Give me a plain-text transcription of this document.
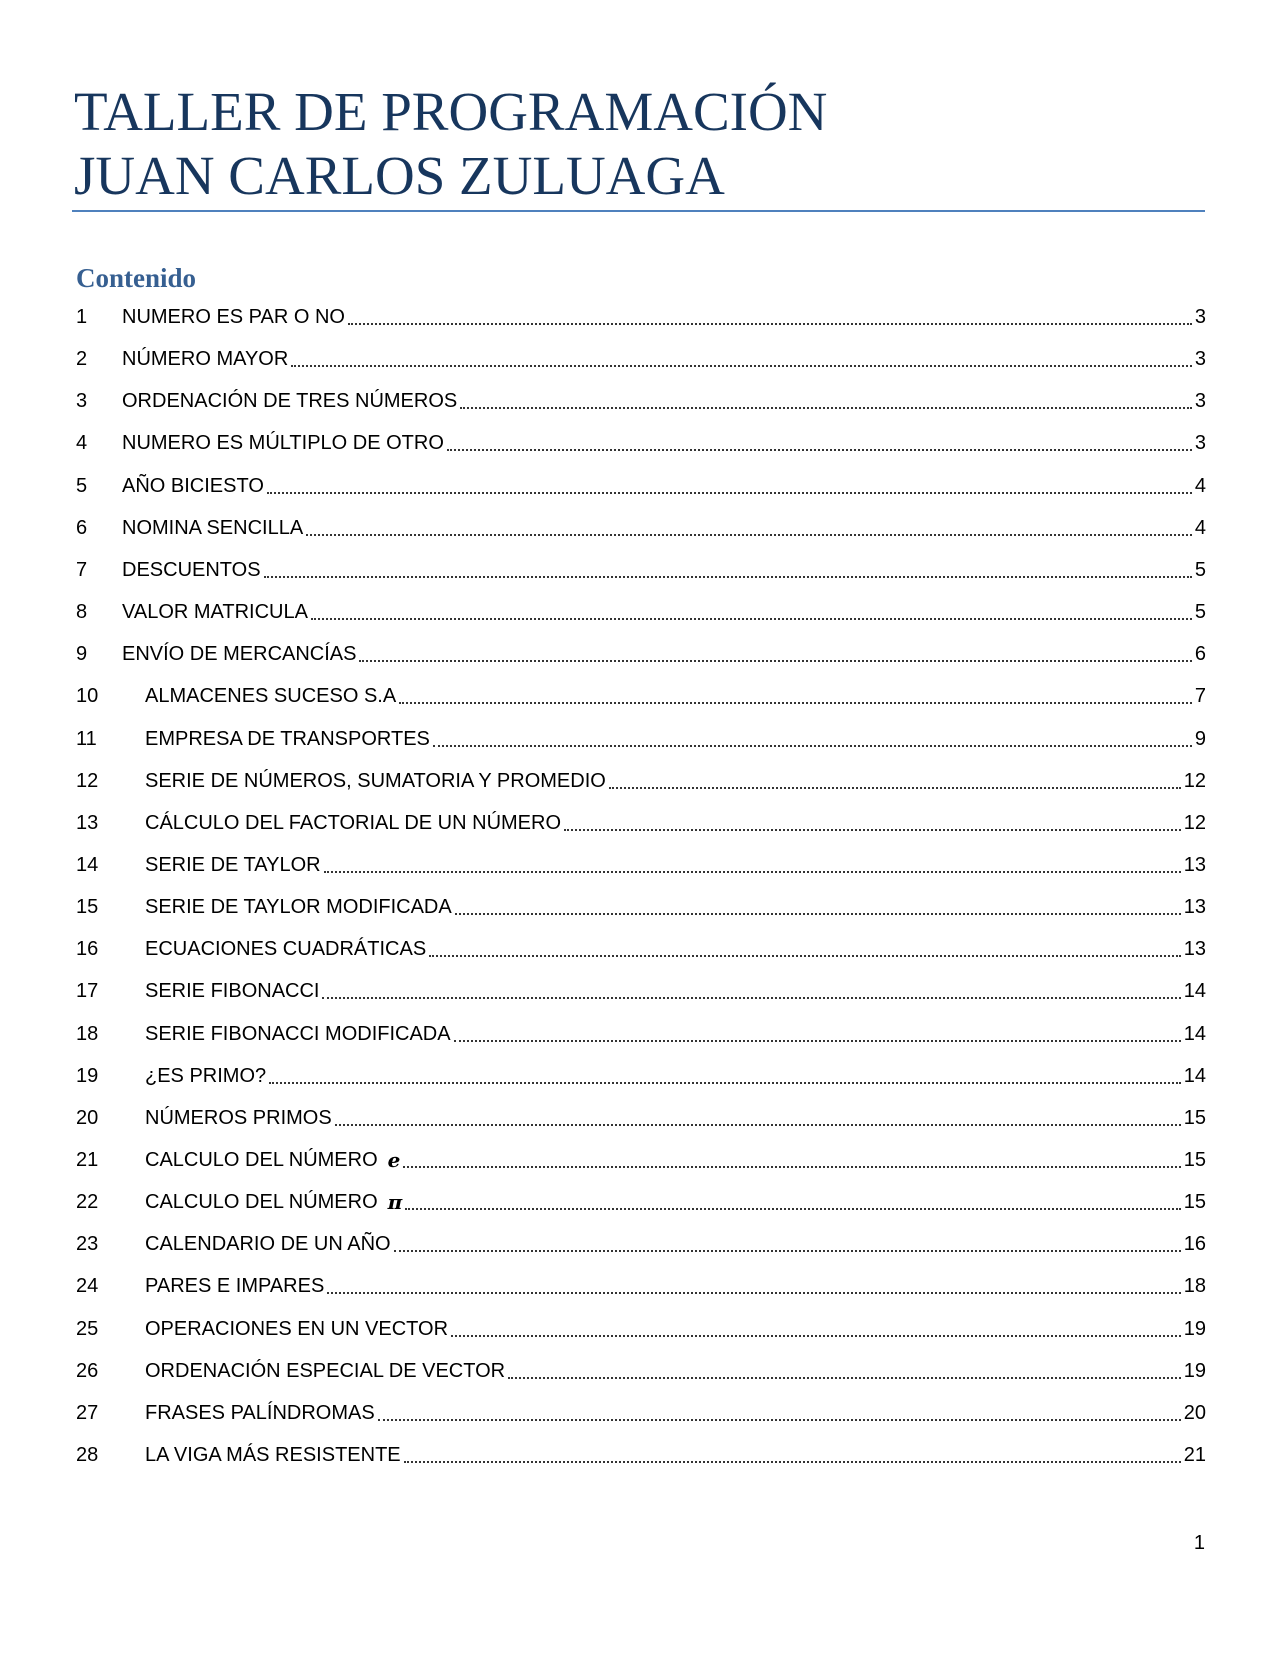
TALLER DE PROGRAMACIÓN
JUAN CARLOS ZULUAGA
Contenido
1	NUMERO ES PAR O NO	3
2	NÚMERO MAYOR	3
3	ORDENACIÓN DE TRES NÚMEROS	3
4	NUMERO ES MÚLTIPLO DE OTRO	3
5	AÑO BICIESTO	4
6	NOMINA SENCILLA	4
7	DESCUENTOS	5
8	VALOR MATRICULA	5
9	ENVÍO DE MERCANCÍAS	6
10	ALMACENES SUCESO S.A	7
11	EMPRESA DE TRANSPORTES	9
12	SERIE DE NÚMEROS, SUMATORIA Y PROMEDIO	12
13	CÁLCULO DEL FACTORIAL DE UN NÚMERO	12
14	SERIE DE TAYLOR	13
15	SERIE DE TAYLOR MODIFICADA	13
16	ECUACIONES CUADRÁTICAS	13
17	SERIE FIBONACCI	14
18	SERIE FIBONACCI MODIFICADA	14
19	¿ES PRIMO?	14
20	NÚMEROS PRIMOS	15
21	CALCULO DEL NÚMERO e	15
22	CALCULO DEL NÚMERO π	15
23	CALENDARIO DE UN AÑO	16
24	PARES E IMPARES	18
25	OPERACIONES EN UN VECTOR	19
26	ORDENACIÓN ESPECIAL DE VECTOR	19
27	FRASES PALÍNDROMAS	20
28	LA VIGA MÁS RESISTENTE	21
1
